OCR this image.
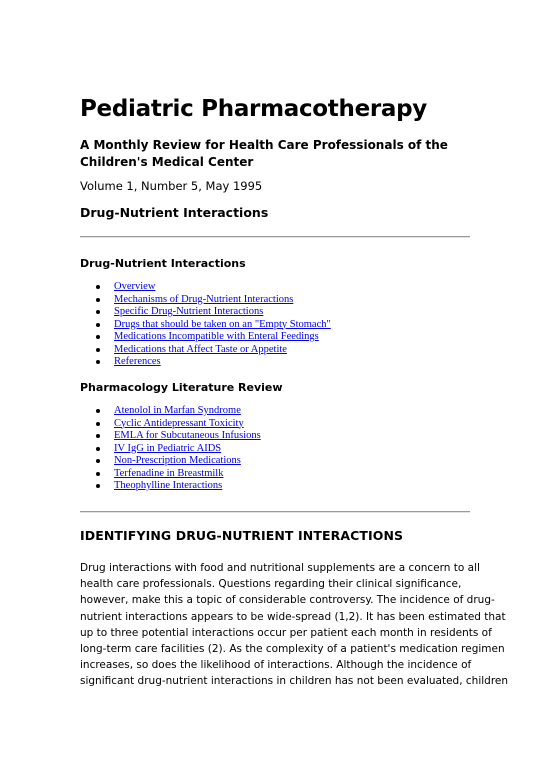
Pediatric Pharmacotherapy

A Monthly Review for Health Care Professionals of the Children's Medical Center

Volume 1, Number 5, May 1995

Drug-Nutrient Interactions
Drug-Nutrient Interactions
Overview
Mechanisms of Drug-Nutrient Interactions
Specific Drug-Nutrient Interactions
Drugs that should be taken on an "Empty Stomach"
Medications Incompatible with Enteral Feedings
Medications that Affect Taste or Appetite
References
Pharmacology Literature Review
Atenolol in Marfan Syndrome
Cyclic Antidepressant Toxicity
EMLA for Subcutaneous Infusions
IV IgG in Pediatric AIDS
Non-Prescription Medications
Terfenadine in Breastmilk
Theophylline Interactions
IDENTIFYING DRUG-NUTRIENT INTERACTIONS

Drug interactions with food and nutritional supplements are a concern to all
health care professionals. Questions regarding their clinical significance,
however, make this a topic of considerable controversy. The incidence of drug-
nutrient interactions appears to be wide-spread (1,2). It has been estimated that
up to three potential interactions occur per patient each month in residents of
long-term care facilities (2). As the complexity of a patient's medication regimen
increases, so does the likelihood of interactions. Although the incidence of
significant drug-nutrient interactions in children has not been evaluated, children
